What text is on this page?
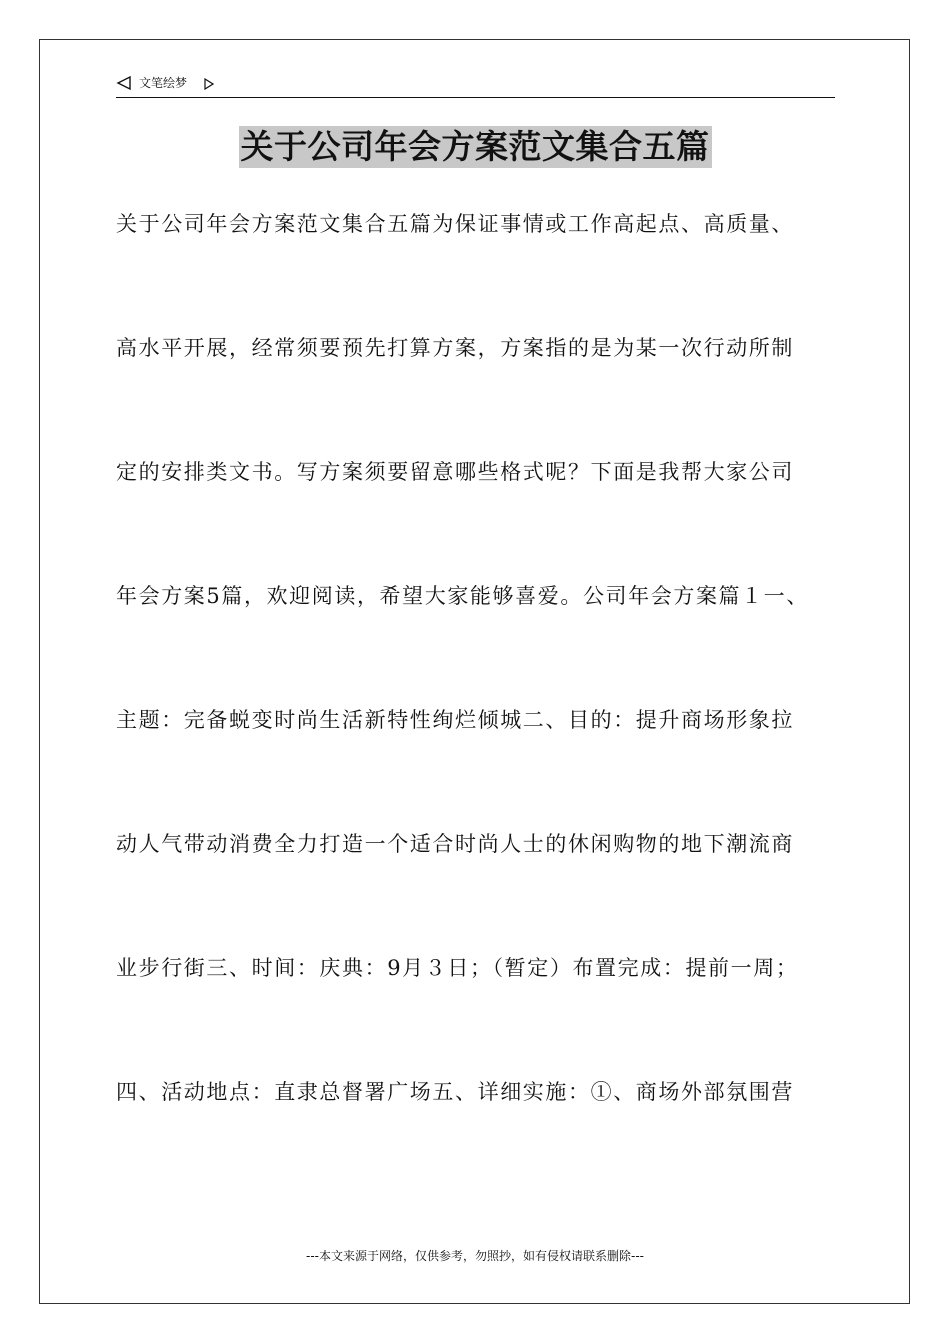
文笔绘梦
关于公司年会方案范文集合五篇
关于公司年会方案范文集合五篇为保证事情或工作高起点、高质量、
高水平开展，经常须要预先打算方案，方案指的是为某一次行动所制
定的安排类文书。写方案须要留意哪些格式呢？下面是我帮大家公司
年会方案5篇，欢迎阅读，希望大家能够喜爱。公司年会方案篇１一、
主题：完备蜕变时尚生活新特性绚烂倾城二、目的：提升商场形象拉
动人气带动消费全力打造一个适合时尚人士的休闲购物的地下潮流商
业步行街三、时间：庆典：9月３日；（暂定）布置完成：提前一周；
四、活动地点：直隶总督署广场五、详细实施：①、商场外部氛围营
---本文来源于网络，仅供参考，勿照抄，如有侵权请联系删除---
